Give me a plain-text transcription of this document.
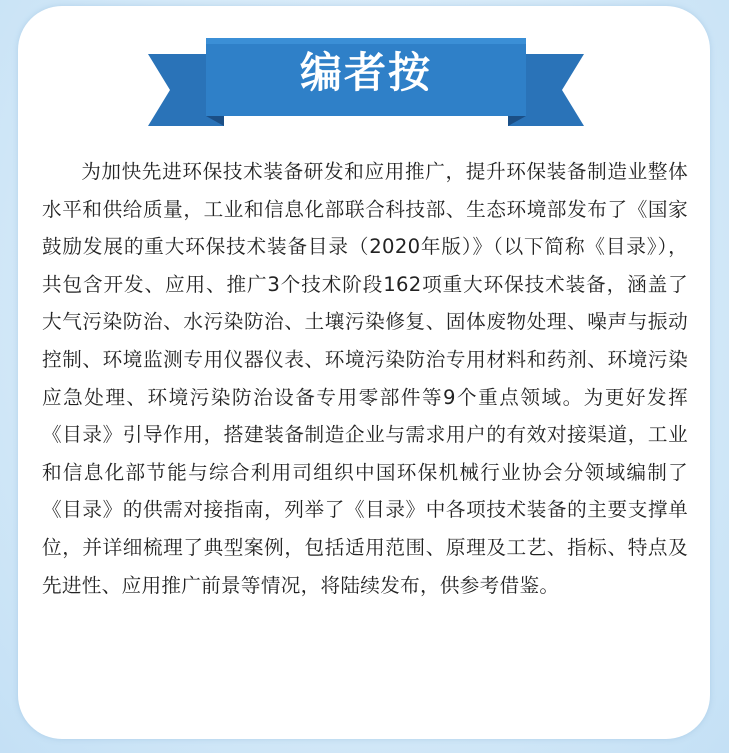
编者按

为加快先进环保技术装备研发和应用推广，提升环保装备制造业整体水平和供给质量，工业和信息化部联合科技部、生态环境部发布了《国家鼓励发展的重大环保技术装备目录（2020年版）》（以下简称《目录》），共包含开发、应用、推广3个技术阶段162项重大环保技术装备，涵盖了大气污染防治、水污染防治、土壤污染修复、固体废物处理、噪声与振动控制、环境监测专用仪器仪表、环境污染防治专用材料和药剂、环境污染应急处理、环境污染防治设备专用零部件等9个重点领域。为更好发挥《目录》引导作用，搭建装备制造企业与需求用户的有效对接渠道，工业和信息化部节能与综合利用司组织中国环保机械行业协会分领域编制了《目录》的供需对接指南，列举了《目录》中各项技术装备的主要支撑单位，并详细梳理了典型案例，包括适用范围、原理及工艺、指标、特点及先进性、应用推广前景等情况，将陆续发布，供参考借鉴。
